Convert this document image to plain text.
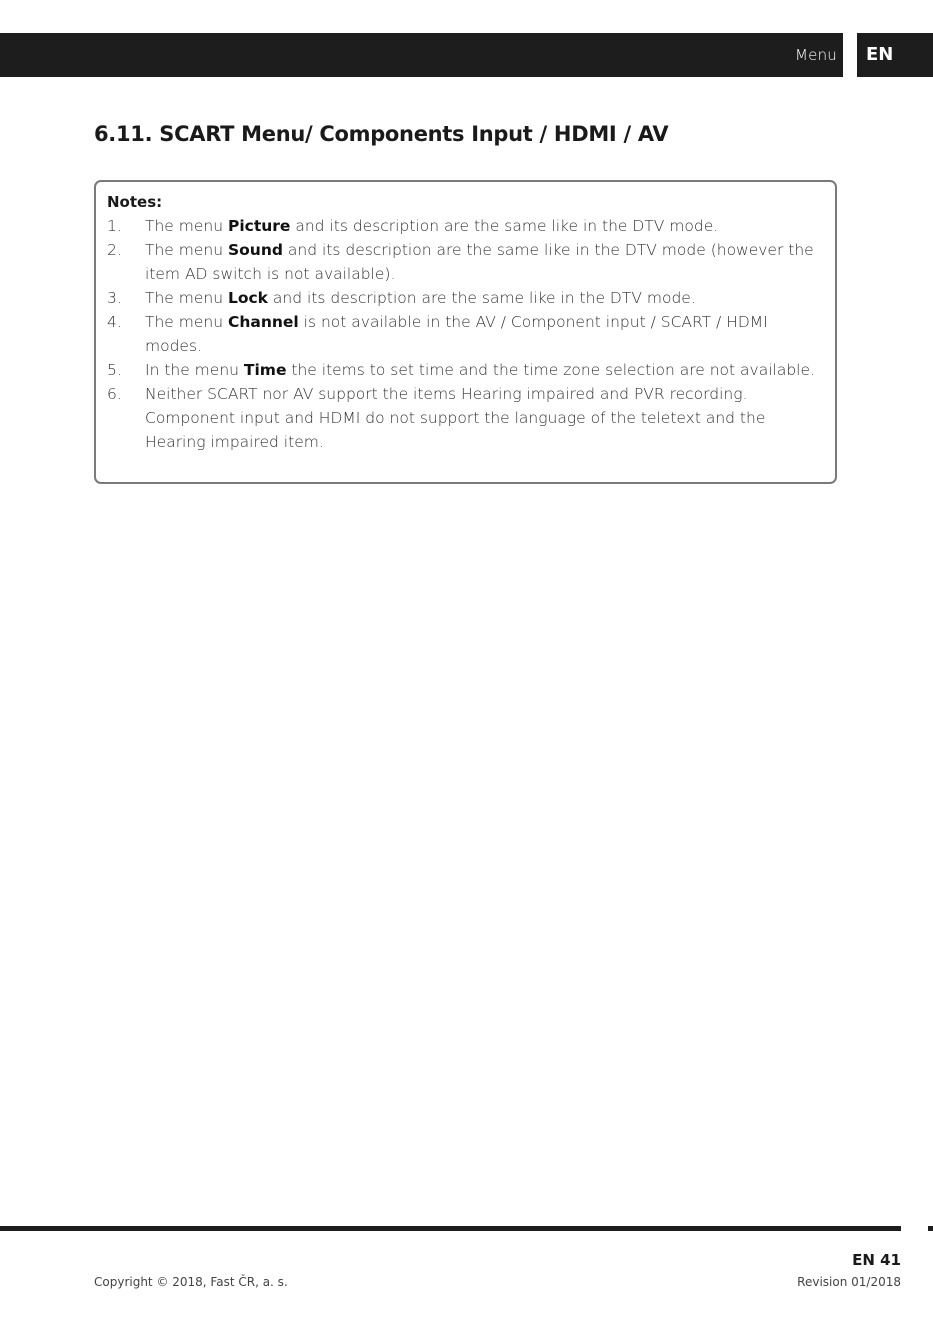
Menu EN
6.11. SCART Menu/ Components Input / HDMI / AV
Notes:
1. The menu Picture and its description are the same like in the DTV mode.
2. The menu Sound and its description are the same like in the DTV mode (however the item AD switch is not available).
3. The menu Lock and its description are the same like in the DTV mode.
4. The menu Channel is not available in the AV / Component input / SCART / HDMI modes.
5. In the menu Time the items to set time and the time zone selection are not available.
6. Neither SCART nor AV support the items Hearing impaired and PVR recording. Component input and HDMI do not support the language of the teletext and the Hearing impaired item.
EN 41
Copyright © 2018, Fast ČR, a. s.	Revision 01/2018
